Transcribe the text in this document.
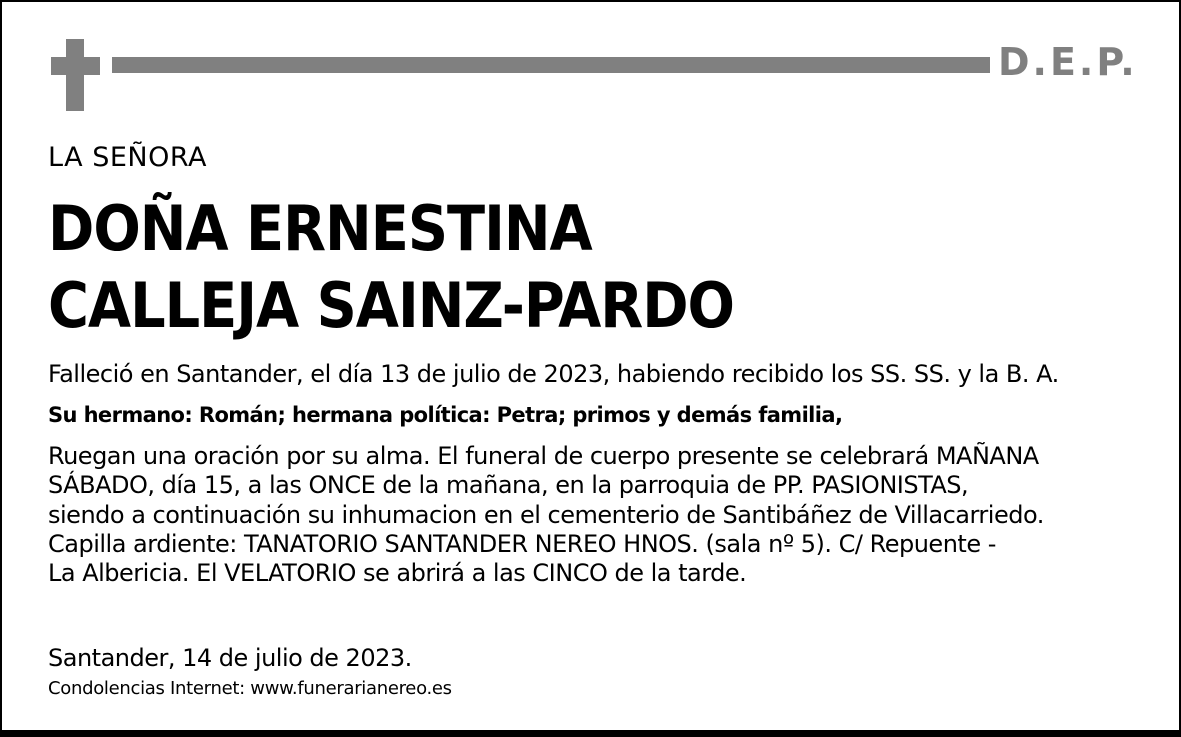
D.E.P.
LA SEÑORA
DOÑA ERNESTINA
CALLEJA SAINZ-PARDO
Falleció en Santander, el día 13 de julio de 2023, habiendo recibido los SS. SS. y la B. A.
Su hermano: Román; hermana política: Petra; primos y demás familia,
Ruegan una oración por su alma. El funeral de cuerpo presente se celebrará MAÑANA
SÁBADO, día 15, a las ONCE de la mañana, en la parroquia de PP. PASIONISTAS,
siendo a continuación su inhumacion en el cementerio de Santibáñez de Villacarriedo.
Capilla ardiente: TANATORIO SANTANDER NEREO HNOS. (sala nº 5). C/ Repuente -
La Albericia. El VELATORIO se abrirá a las CINCO de la tarde.
Santander, 14 de julio de 2023.
Condolencias Internet: www.funerarianereo.es
